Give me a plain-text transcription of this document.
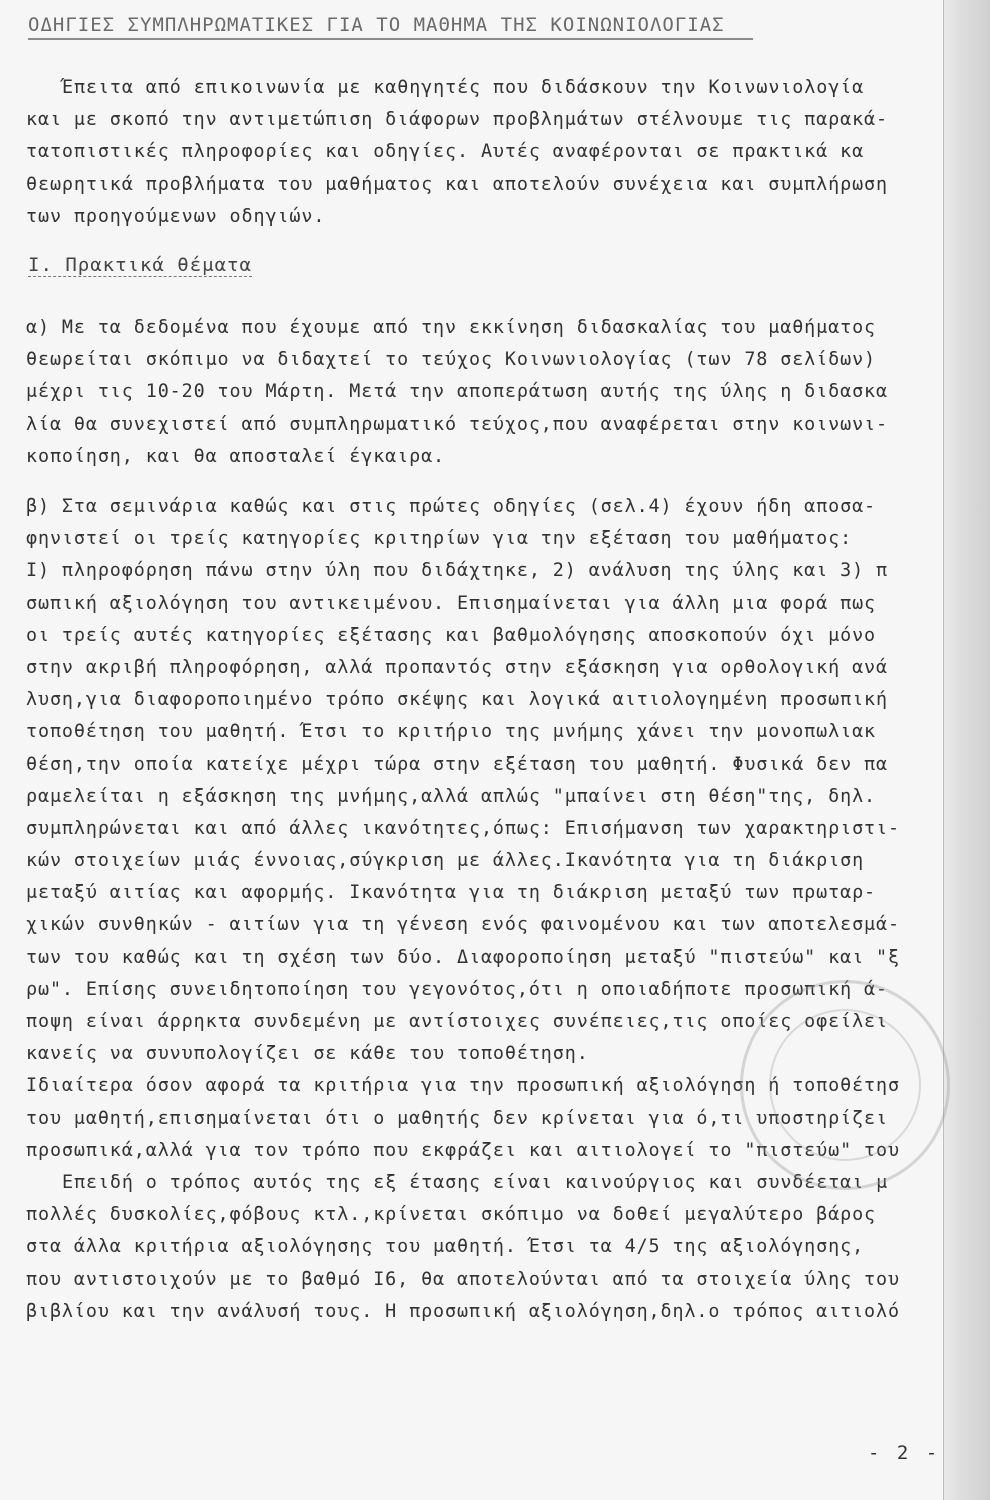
ΟΔΗΓΙΕΣ ΣΥΜΠΛΗΡΩΜΑΤΙΚΕΣ ΓΙΑ ΤΟ ΜΑΘΗΜΑ ΤΗΣ ΚΟΙΝΩΝΙΟΛΟΓΙΑΣ
Έπειτα από επικοινωνία με καθηγητές που διδάσκουν την Κοινωνιολογία
και με σκοπό την αντιμετώπιση διάφορων προβλημάτων στέλνουμε τις παρακά-
τατοπιστικές πληροφορίες και οδηγίες. Αυτές αναφέρονται σε πρακτικά κα
θεωρητικά προβλήματα του μαθήματος και αποτελούν συνέχεια και συμπλήρωση
των προηγούμενων οδηγιών.
Ι. Πρακτικά θέματα
α) Με τα δεδομένα που έχουμε από την εκκίνηση διδασκαλίας του μαθήματος
θεωρείται σκόπιμο να διδαχτεί το τεύχος Κοινωνιολογίας (των 78 σελίδων)
μέχρι τις 10-20 του Μάρτη. Μετά την αποπεράτωση αυτής της ύλης η διδασκα
λία θα συνεχιστεί από συμπληρωματικό τεύχος,που αναφέρεται στην κοινωνι-
κοποίηση, και θα αποσταλεί έγκαιρα.
β) Στα σεμινάρια καθώς και στις πρώτες οδηγίες (σελ.4) έχουν ήδη αποσα-
φηνιστεί οι τρείς κατηγορίες κριτηρίων για την εξέταση του μαθήματος:
Ι) πληροφόρηση πάνω στην ύλη που διδάχτηκε, 2) ανάλυση της ύλης και 3) π
σωπική αξιολόγηση του αντικειμένου. Επισημαίνεται για άλλη μια φορά πως
οι τρείς αυτές κατηγορίες εξέτασης και βαθμολόγησης αποσκοπούν όχι μόνο
στην ακριβή πληροφόρηση, αλλά προπαντός στην εξάσκηση για ορθολογική ανά
λυση,για διαφοροποιημένο τρόπο σκέψης και λογικά αιτιολογημένη προσωπική
τοποθέτηση του μαθητή. Έτσι το κριτήριο της μνήμης χάνει την μονοπωλιακ
θέση,την οποία κατείχε μέχρι τώρα στην εξέταση του μαθητή. Φυσικά δεν πα
ραμελείται η εξάσκηση της μνήμης,αλλά απλώς "μπαίνει στη θέση"της, δηλ.
συμπληρώνεται και από άλλες ικανότητες,όπως: Επισήμανση των χαρακτηριστι-
κών στοιχείων μιάς έννοιας,σύγκριση με άλλες.Ικανότητα για τη διάκριση
μεταξύ αιτίας και αφορμής. Ικανότητα για τη διάκριση μεταξύ των πρωταρ-
χικών συνθηκών - αιτίων για τη γένεση ενός φαινομένου και των αποτελεσμά-
των του καθώς και τη σχέση των δύο. Διαφοροποίηση μεταξύ "πιστεύω" και "ξ
ρω". Επίσης συνειδητοποίηση του γεγονότος,ότι η οποιαδήποτε προσωπική ά-
ποψη είναι άρρηκτα συνδεμένη με αντίστοιχες συνέπειες,τις οποίες οφείλει
κανείς να συνυπολογίζει σε κάθε του τοποθέτηση.
Ιδιαίτερα όσον αφορά τα κριτήρια για την προσωπική αξιολόγηση ή τοποθέτησ
του μαθητή,επισημαίνεται ότι ο μαθητής δεν κρίνεται για ό,τι υποστηρίζει
προσωπικά,αλλά για τον τρόπο που εκφράζει και αιτιολογεί το "πιστεύω" του
Επειδή ο τρόπος αυτός της εξ έτασης είναι καινούργιος και συνδέεται μ
πολλές δυσκολίες,φόβους κτλ.,κρίνεται σκόπιμο να δοθεί μεγαλύτερο βάρος
στα άλλα κριτήρια αξιολόγησης του μαθητή. Έτσι τα 4/5 της αξιολόγησης,
που αντιστοιχούν με το βαθμό Ι6, θα αποτελούνται από τα στοιχεία ύλης του
βιβλίου και την ανάλυσή τους. Η προσωπική αξιολόγηση,δηλ.ο τρόπος αιτιολό
- 2 -
